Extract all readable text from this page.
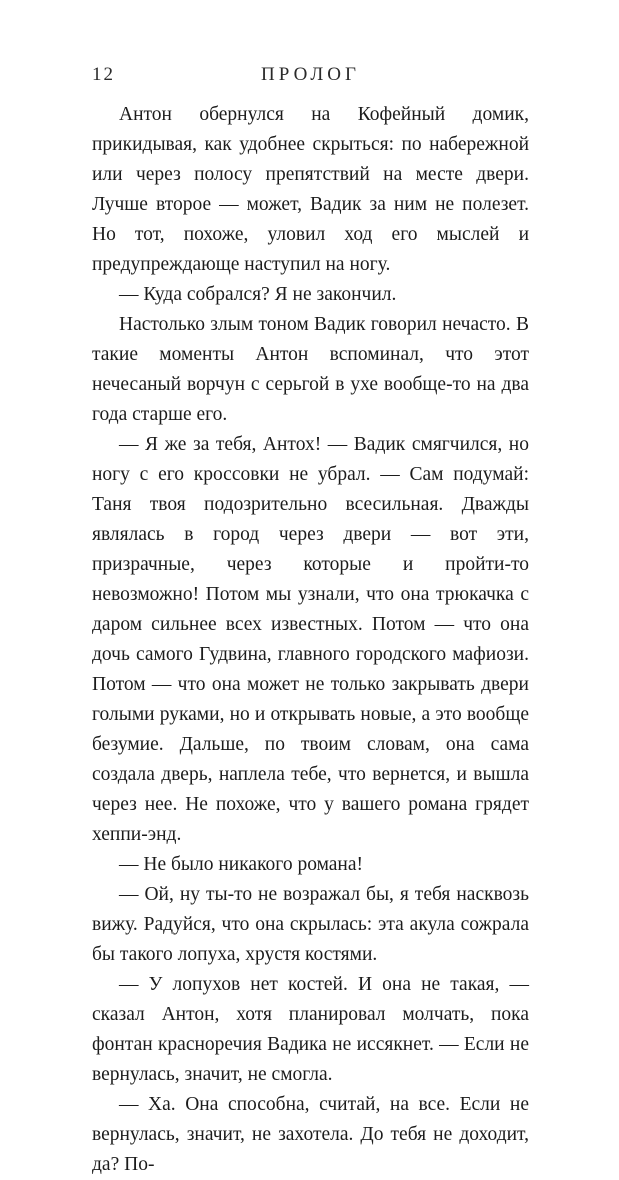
12	ПРОЛОГ

Антон обернулся на Кофейный домик, прикидывая, как удобнее скрыться: по набережной или через полосу препятствий на месте двери. Лучше второе — может, Вадик за ним не полезет. Но тот, похоже, уловил ход его мыслей и предупреждающе наступил на ногу.

— Куда собрался? Я не закончил.

Настолько злым тоном Вадик говорил нечасто. В такие моменты Антон вспоминал, что этот нечесаный ворчун с серьгой в ухе вообще-то на два года старше его.

— Я же за тебя, Антох! — Вадик смягчился, но ногу с его кроссовки не убрал. — Сам подумай: Таня твоя подозрительно всесильная. Дважды являлась в город через двери — вот эти, призрачные, через которые и пройти-то невозможно! Потом мы узнали, что она трюкачка с даром сильнее всех известных. Потом — что она дочь самого Гудвина, главного городского мафиози. Потом — что она может не только закрывать двери голыми руками, но и открывать новые, а это вообще безумие. Дальше, по твоим словам, она сама создала дверь, наплела тебе, что вернется, и вышла через нее. Не похоже, что у вашего романа грядет хеппи-энд.

— Не было никакого романа!

— Ой, ну ты-то не возражал бы, я тебя насквозь вижу. Радуйся, что она скрылась: эта акула сожрала бы такого лопуха, хрустя костями.

— У лопухов нет костей. И она не такая, — сказал Антон, хотя планировал молчать, пока фонтан красноречия Вадика не иссякнет. — Если не вернулась, значит, не смогла.

— Ха. Она способна, считай, на все. Если не вернулась, значит, не захотела. До тебя не доходит, да? По-
